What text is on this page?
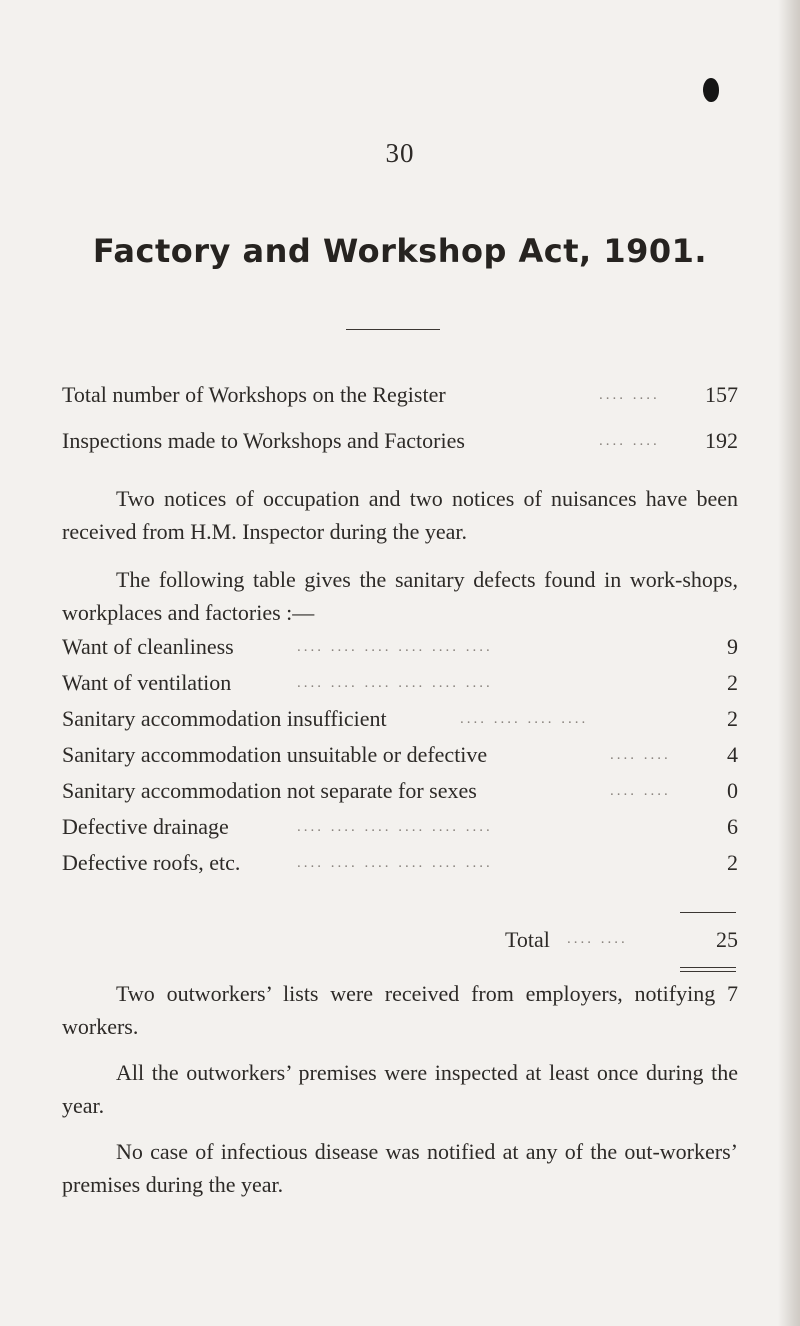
30
Factory and Workshop Act, 1901.
Total number of Workshops on the Register	.... .... 157
Inspections made to Workshops and Factories	.... .... 192
Two notices of occupation and two notices of nuisances have been received from H.M. Inspector during the year.
The following table gives the sanitary defects found in work-shops, workplaces and factories :—
Want of cleanliness	.... .... .... .... .... ....	9
Want of ventilation	.... .... .... .... .... ....	2
Sanitary accommodation insufficient	.... .... .... ....	2
Sanitary accommodation unsuitable or defective	.... ....	4
Sanitary accommodation not separate for sexes	.... ....	0
Defective drainage	.... .... .... .... .... ....	6
Defective roofs, etc.	.... .... .... .... .... ....	2
Total .... ....	25
Two outworkers’ lists were received from employers, notifying 7 workers.
All the outworkers’ premises were inspected at least once during the year.
No case of infectious disease was notified at any of the out-workers’ premises during the year.
